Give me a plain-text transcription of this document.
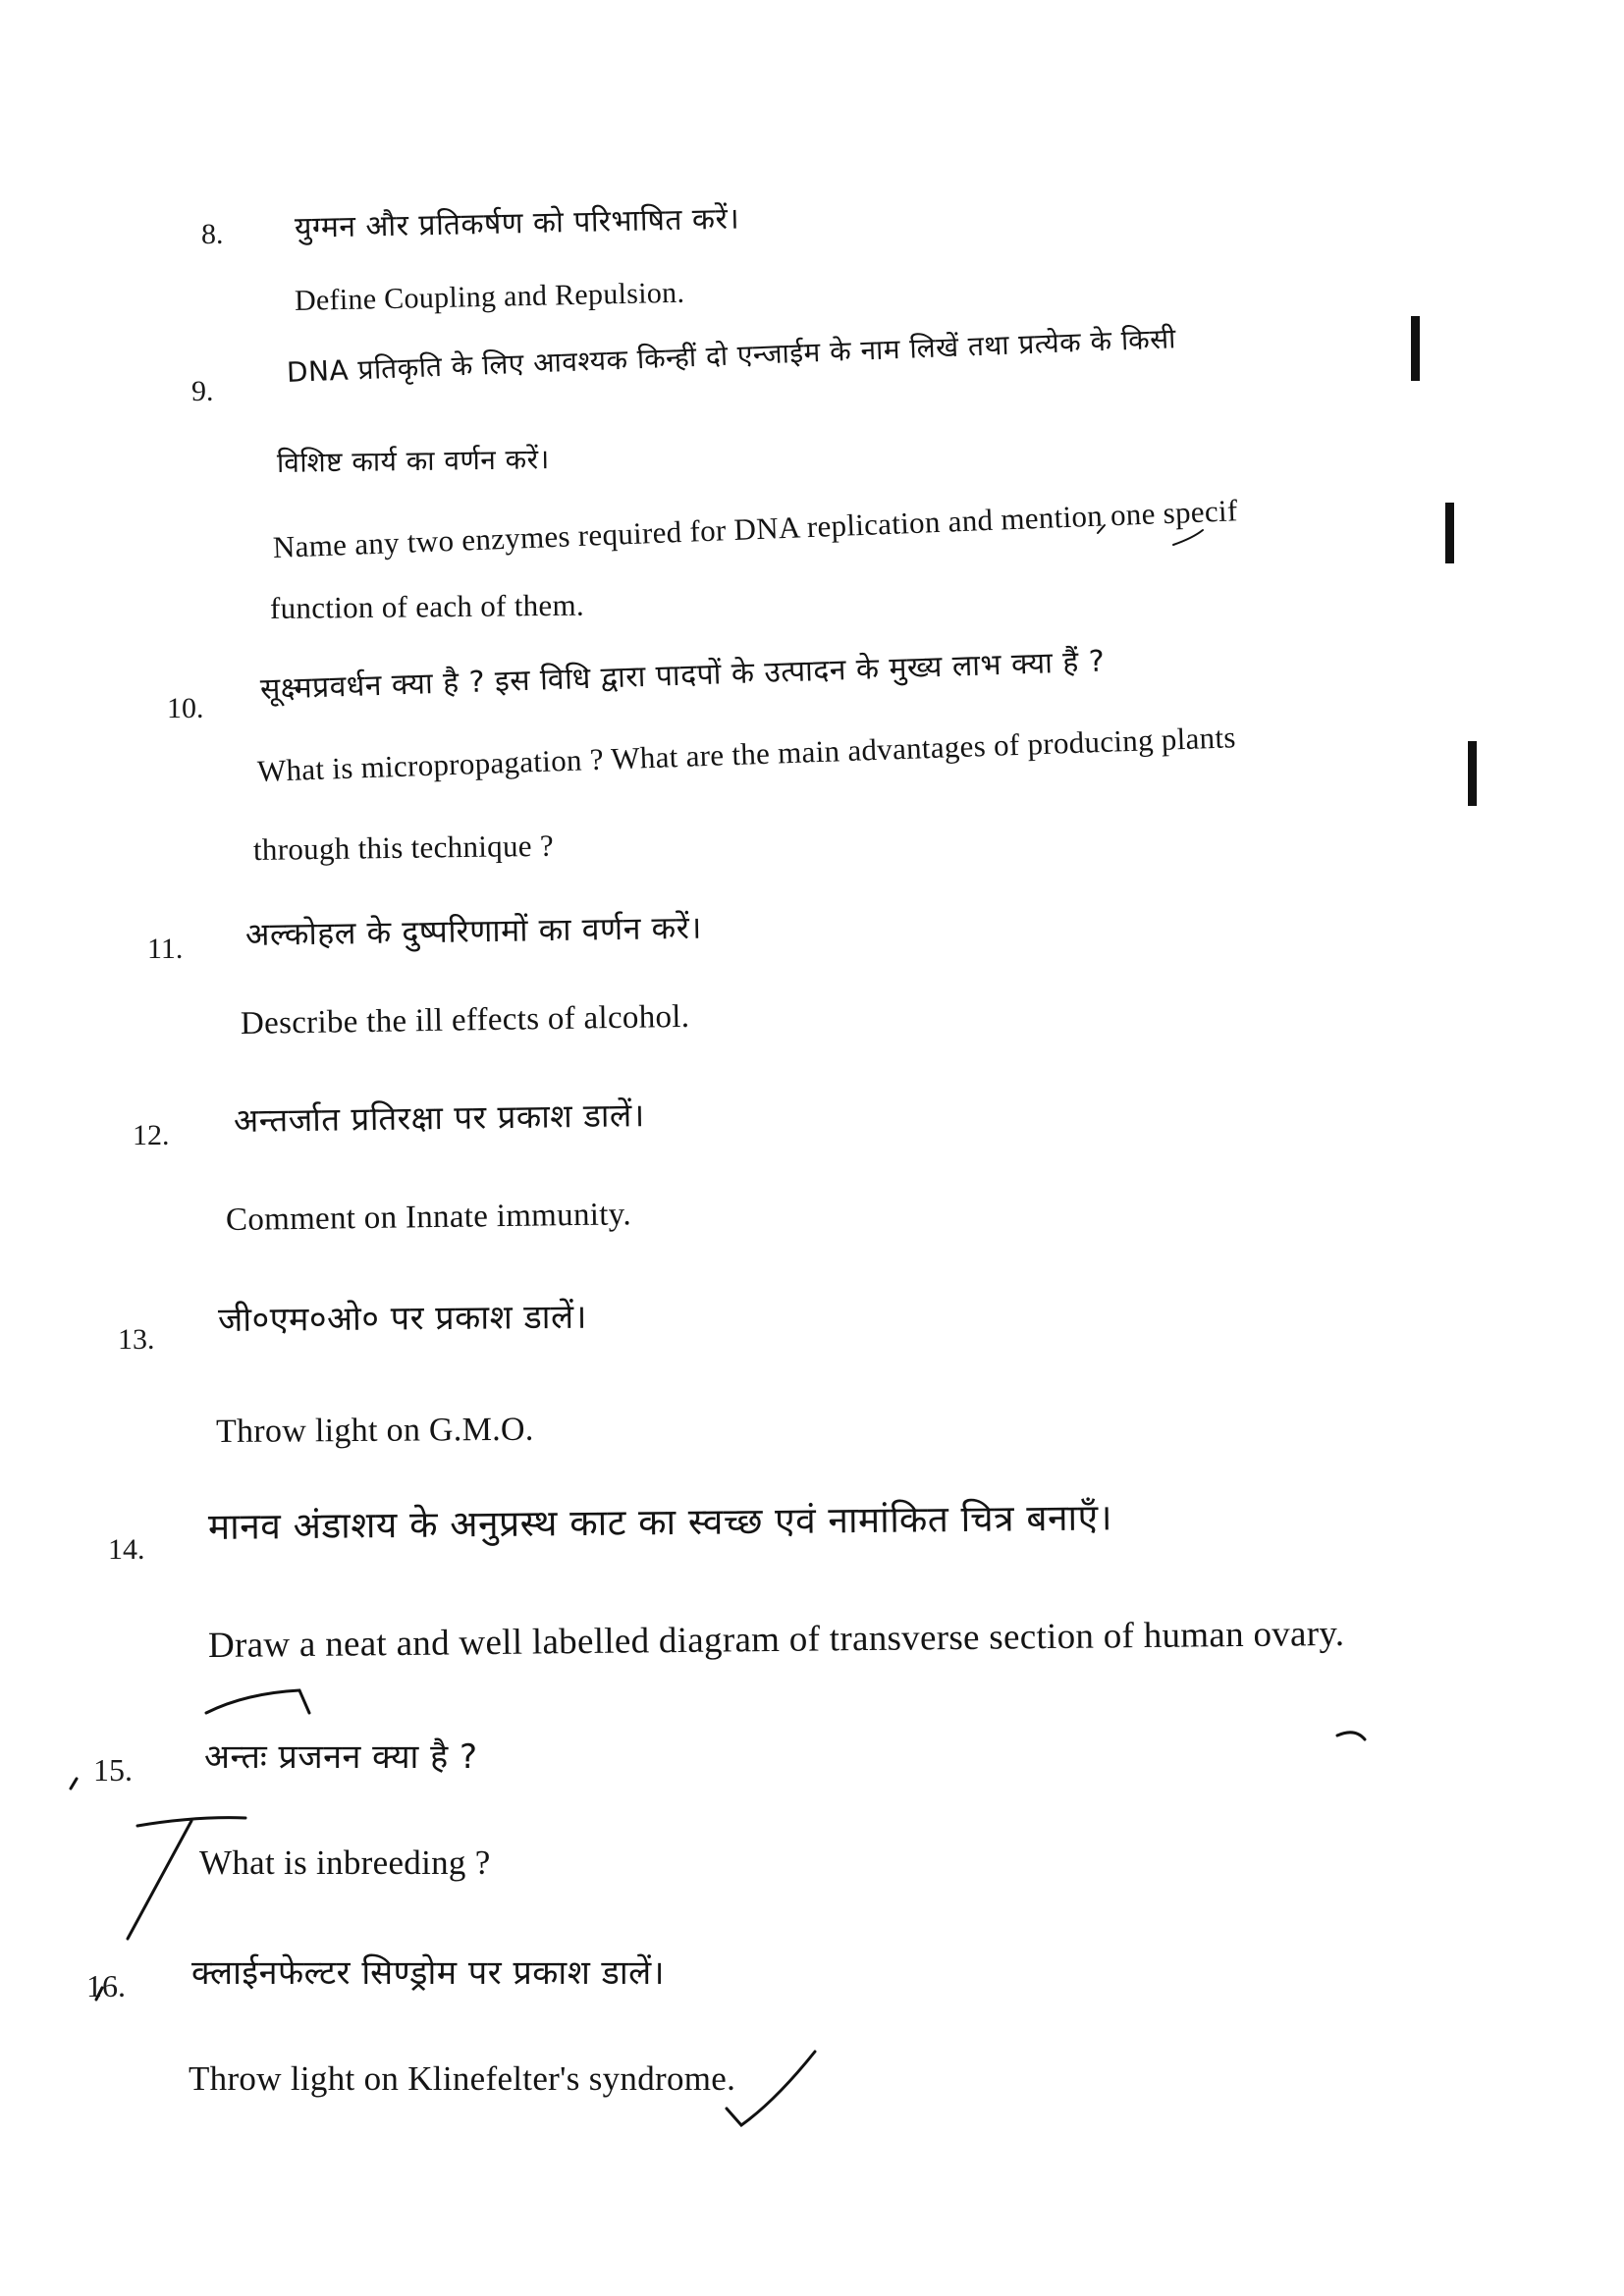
8. युग्मन और प्रतिकर्षण को परिभाषित करें।
Define Coupling and Repulsion.
9.
DNA प्रतिकृति के लिए आवश्यक किन्हीं दो एन्जाईम के नाम लिखें तथा प्रत्येक के किसी
विशिष्ट कार्य का वर्णन करें।
Name any two enzymes required for DNA replication and mention one specif
function of each of them.
10.
सूक्ष्मप्रवर्धन क्या है ? इस विधि द्वारा पादपों के उत्पादन के मुख्य लाभ क्या हैं ?
What is micropropagation ? What are the main advantages of producing plants
through this technique ?
11. अल्कोहल के दुष्परिणामों का वर्णन करें।
Describe the ill effects of alcohol.
12. अन्तर्जात प्रतिरक्षा पर प्रकाश डालें।
Comment on Innate immunity.
13. जी०एम०ओ० पर प्रकाश डालें।
Throw light on G.M.O.
14.
मानव अंडाशय के अनुप्रस्थ काट का स्वच्छ एवं नामांकित चित्र बनाएँ।
Draw a neat and well labelled diagram of transverse section of human ovary.
15. अन्तः प्रजनन क्या है ?
What is inbreeding ?
16. क्लाईनफेल्टर सिण्ड्रोम पर प्रकाश डालें।
Throw light on Klinefelter's syndrome.
